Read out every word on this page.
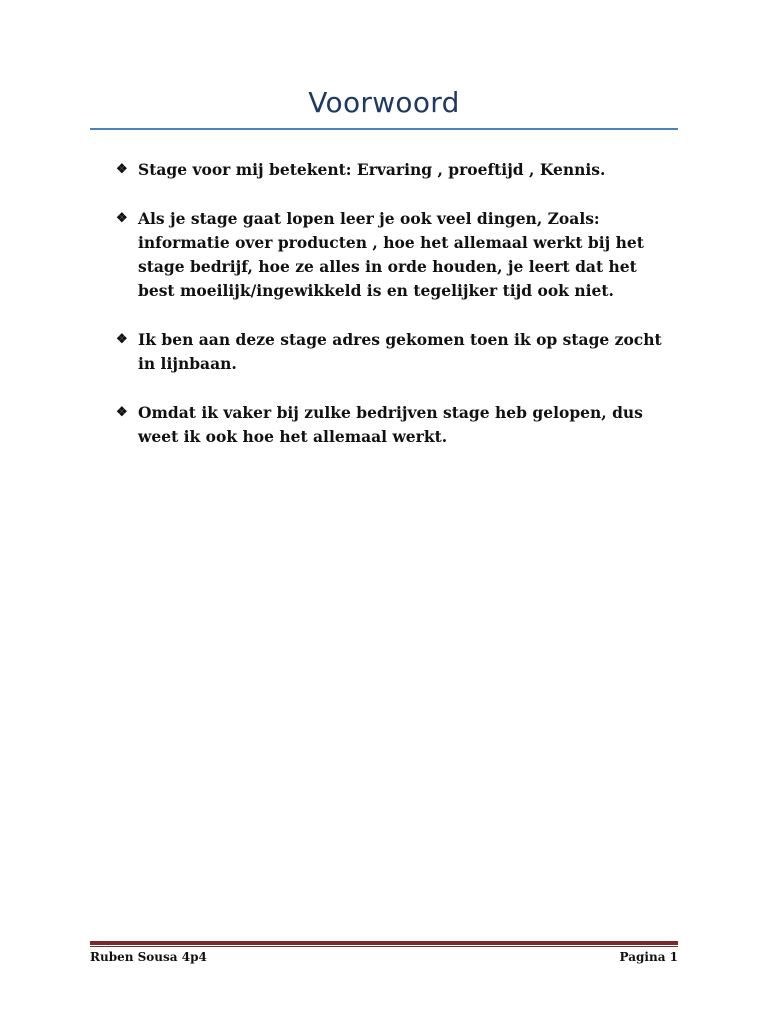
Voorwoord
❖ Stage voor mij betekent: Ervaring , proeftijd , Kennis.
❖ Als je stage gaat lopen leer je ook veel dingen, Zoals: informatie over producten , hoe het allemaal werkt bij het stage bedrijf, hoe ze alles in orde houden, je leert dat het best moeilijk/ingewikkeld is en tegelijker tijd ook niet.
❖ Ik ben aan deze stage adres gekomen toen ik op stage zocht in lijnbaan.
❖ Omdat ik vaker bij zulke bedrijven stage heb gelopen, dus weet ik ook hoe het allemaal werkt.
Ruben Sousa 4p4	Pagina 1
